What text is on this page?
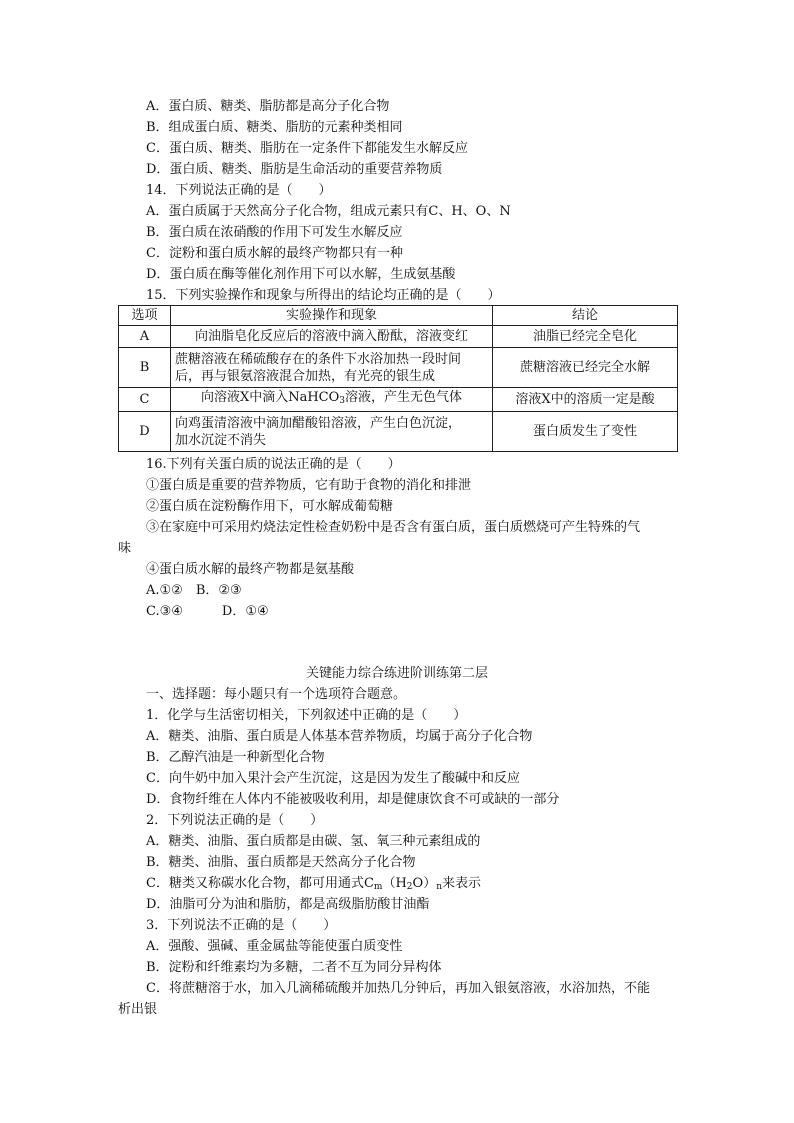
A．蛋白质、糖类、脂肪都是高分子化合物
B．组成蛋白质、糖类、脂肪的元素种类相同
C．蛋白质、糖类、脂肪在一定条件下都能发生水解反应
D．蛋白质、糖类、脂肪是生命活动的重要营养物质
14．下列说法正确的是（　　）
A．蛋白质属于天然高分子化合物，组成元素只有C、H、O、N
B．蛋白质在浓硝酸的作用下可发生水解反应
C．淀粉和蛋白质水解的最终产物都只有一种
D．蛋白质在酶等催化剂作用下可以水解，生成氨基酸
15．下列实验操作和现象与所得出的结论均正确的是（　　）
选项	实验操作和现象	结论
A	向油脂皂化反应后的溶液中滴入酚酞，溶液变红	油脂已经完全皂化
B	蔗糖溶液在稀硫酸存在的条件下水浴加热一段时间
后，再与银氨溶液混合加热，有光亮的银生成	蔗糖溶液已经完全水解
C	向溶液X中滴入NaHCO$_3$溶液，产生无色气体	溶液X中的溶质一定是酸
D	向鸡蛋清溶液中滴加醋酸铅溶液，产生白色沉淀，
加水沉淀不消失	蛋白质发生了变性
16.下列有关蛋白质的说法正确的是（　　）
①蛋白质是重要的营养物质，它有助于食物的消化和排泄
②蛋白质在淀粉酶作用下，可水解成葡萄糖
③在家庭中可采用灼烧法定性检查奶粉中是否含有蛋白质，蛋白质燃烧可产生特殊的气
味
④蛋白质水解的最终产物都是氨基酸
A.①②　B．②③
C.③④　　　D．①④
关键能力综合练进阶训练第二层
一、选择题：每小题只有一个选项符合题意。
1．化学与生活密切相关，下列叙述中正确的是（　　）
A．糖类、油脂、蛋白质是人体基本营养物质，均属于高分子化合物
B．乙醇汽油是一种新型化合物
C．向牛奶中加入果汁会产生沉淀，这是因为发生了酸碱中和反应
D．食物纤维在人体内不能被吸收利用，却是健康饮食不可或缺的一部分
2．下列说法正确的是（　　）
A．糖类、油脂、蛋白质都是由碳、氢、氧三种元素组成的
B．糖类、油脂、蛋白质都是天然高分子化合物
C．糖类又称碳水化合物，都可用通式$C_m(H_2O)_n$来表示
D．油脂可分为油和脂肪，都是高级脂肪酸甘油酯
3．下列说法不正确的是（　　）
A．强酸、强碱、重金属盐等能使蛋白质变性
B．淀粉和纤维素均为多糖，二者不互为同分异构体
C．将蔗糖溶于水，加入几滴稀硫酸并加热几分钟后，再加入银氨溶液，水浴加热，不能
析出银
